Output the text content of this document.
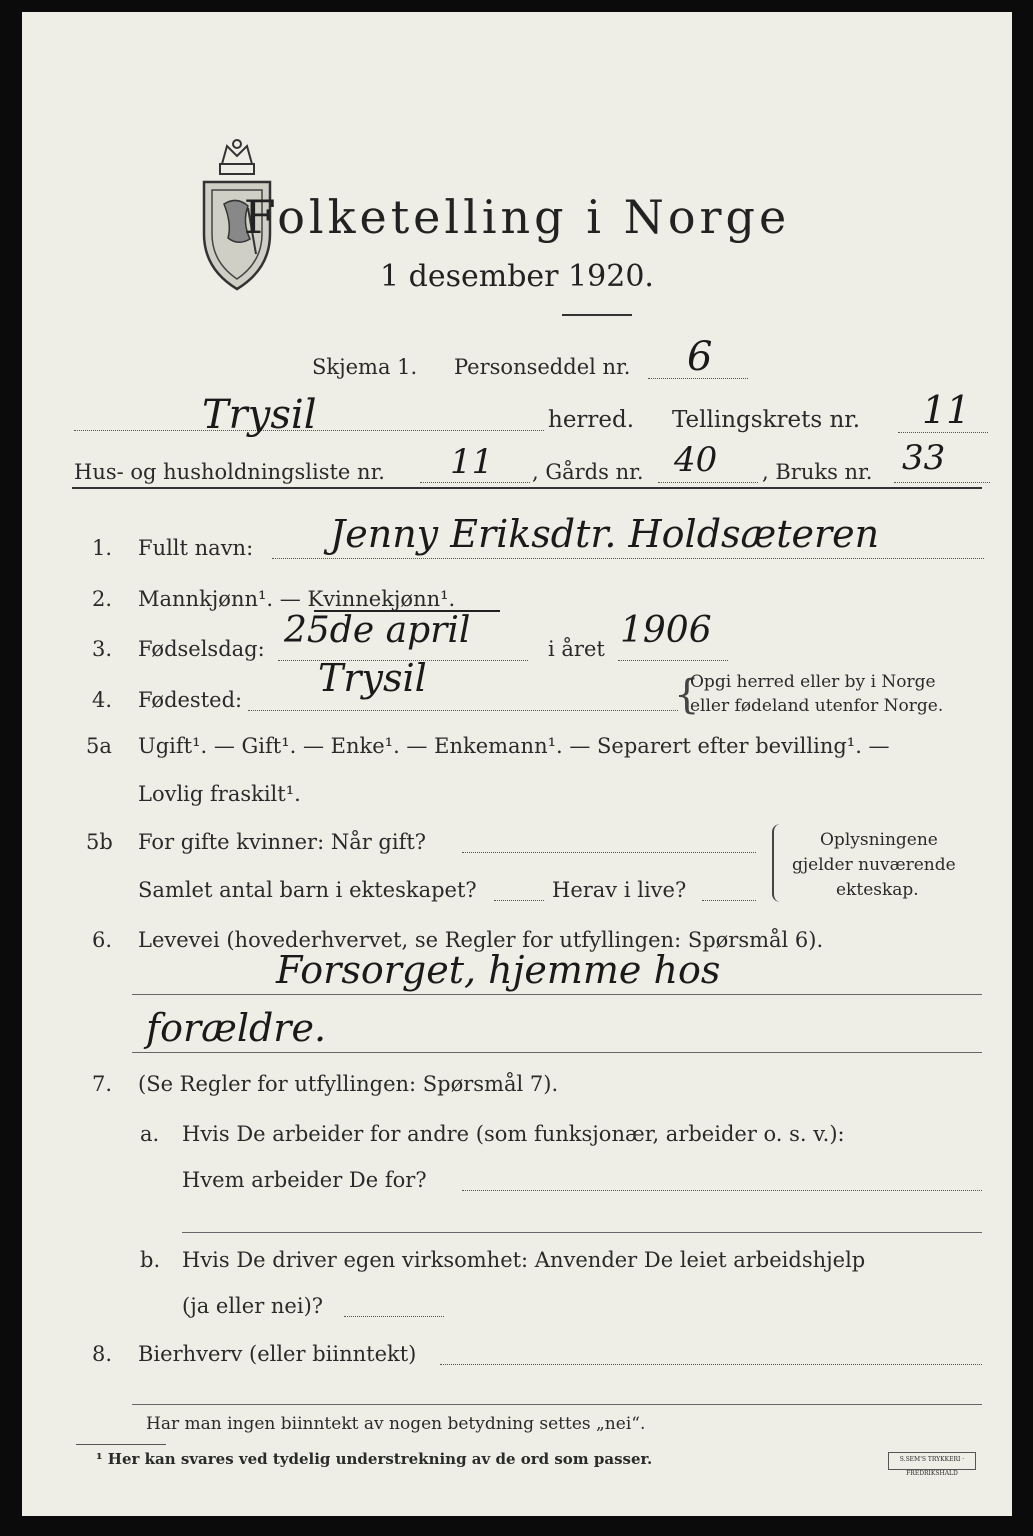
Folketelling i Norge
1 desember 1920.
Skjema 1. Personseddel nr. 6
Trysil	herred. Tellingskrets nr. 11
Hus- og husholdningsliste nr. 11 , Gårds nr. 40 , Bruks nr. 33
1. Fullt navn: Jenny Eriksdtr. Holdsæteren
2. Mannkjønn¹. — Kvinnekjønn¹.
3. Fødselsdag: 25de april	i året 1906
4. Fødested: Trysil	{
Opgi herred eller by i Norge
eller fødeland utenfor Norge.
5a Ugift¹. — Gift¹. — Enke¹. — Enkemann¹. — Separert efter bevilling¹. —
Lovlig fraskilt¹.
5b For gifte kvinner: Når gift?
Samlet antal barn i ekteskapet?	Herav i live?
Oplysningene
gjelder nuværende
ekteskap.
6. Levevei (hovederhvervet, se Regler for utfyllingen: Spørsmål 6).
Forsorget, hjemme hos
forældre.
7. (Se Regler for utfyllingen: Spørsmål 7).
a. Hvis De arbeider for andre (som funksjonær, arbeider o. s. v.):
Hvem arbeider De for?
b. Hvis De driver egen virksomhet: Anvender De leiet arbeidshjelp
(ja eller nei)?
8. Bierhverv (eller biinntekt)
Har man ingen biinntekt av nogen betydning settes „nei“.
¹ Her kan svares ved tydelig understrekning av de ord som passer.	S.SEM'S TRYKKERI · FREDRIKSHALD
